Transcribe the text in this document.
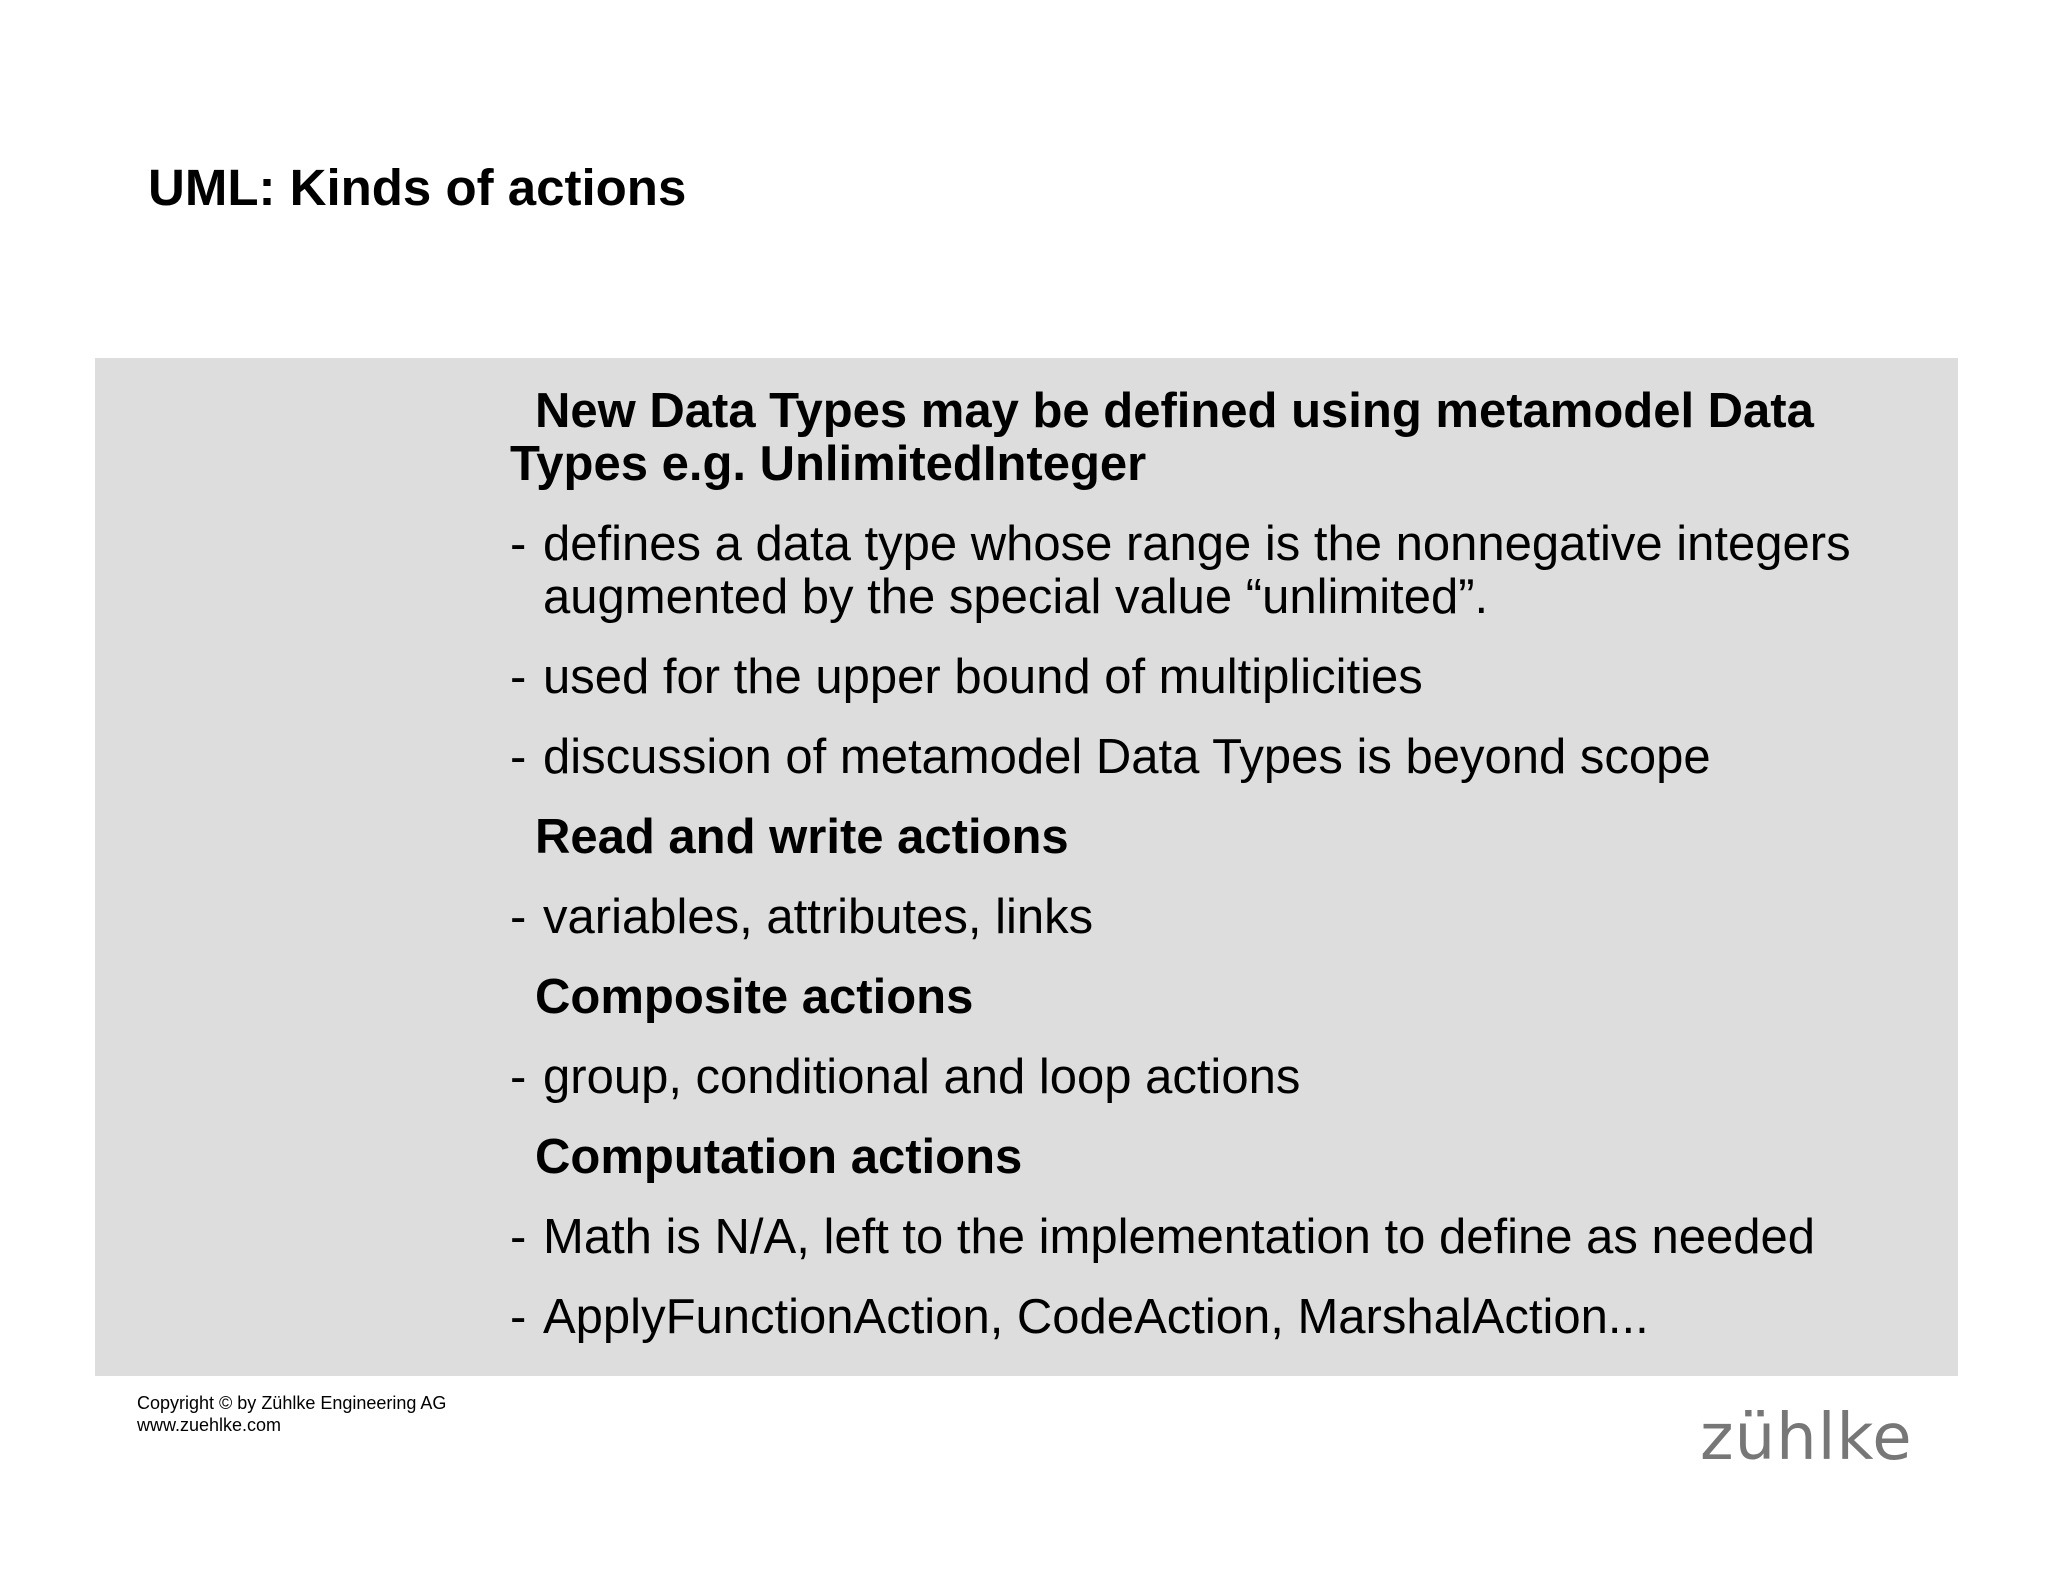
UML: Kinds of actions
New Data Types may be defined using metamodel Data Types e.g. UnlimitedInteger
- defines a data type whose range is the nonnegative integers augmented by the special value “unlimited”.
- used for the upper bound of multiplicities
- discussion of metamodel Data Types is beyond scope
Read and write actions
- variables, attributes, links
Composite actions
- group, conditional and loop actions
Computation actions
- Math is N/A, left to the implementation to define as needed
- ApplyFunctionAction, CodeAction, MarshalAction...
Copyright © by Zühlke Engineering AG
www.zuehlke.com	zühlke
